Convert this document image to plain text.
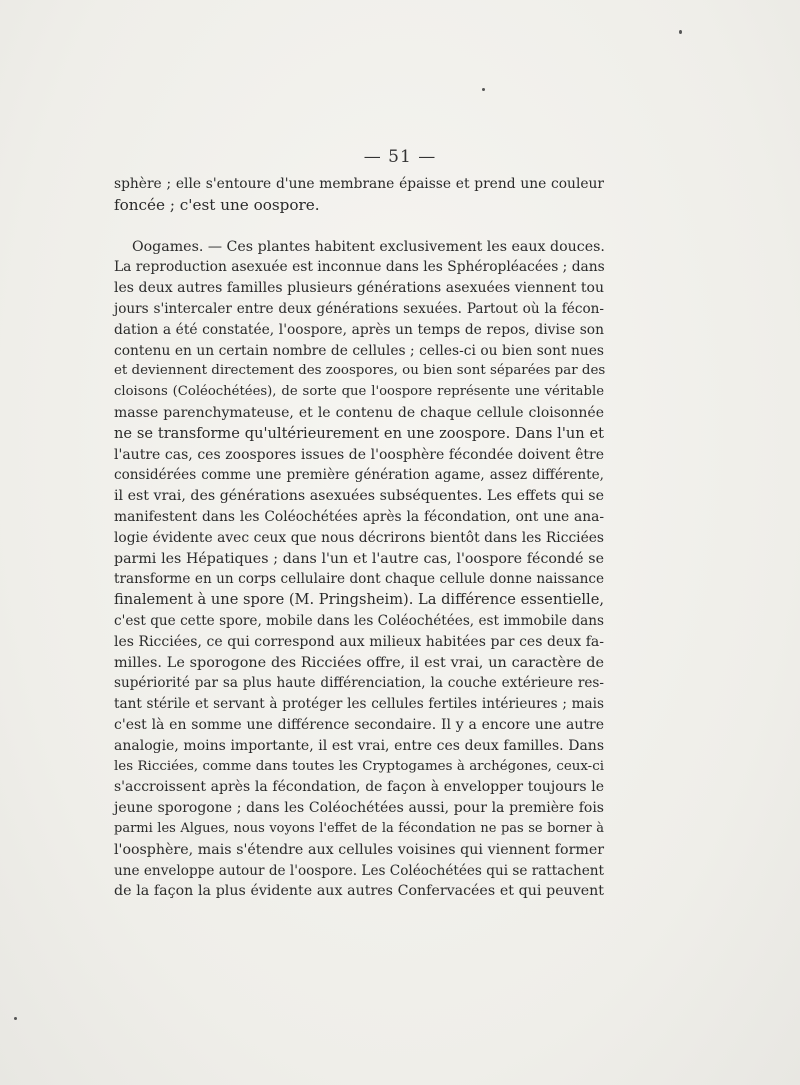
— 51 —
sphère ; elle s'entoure d'une membrane épaisse et prend une couleur
foncée ; c'est une oospore.
Oogames. — Ces plantes habitent exclusivement les eaux douces.
La reproduction asexuée est inconnue dans les Sphéropléacées ; dans
les deux autres familles plusieurs générations asexuées viennent tou
jours s'intercaler entre deux générations sexuées. Partout où la fécon-
dation a été constatée, l'oospore, après un temps de repos, divise son
contenu en un certain nombre de cellules ; celles-ci ou bien sont nues
et deviennent directement des zoospores, ou bien sont séparées par des
cloisons (Coléochétées), de sorte que l'oospore représente une véritable
masse parenchymateuse, et le contenu de chaque cellule cloisonnée
ne se transforme qu'ultérieurement en une zoospore. Dans l'un et
l'autre cas, ces zoospores issues de l'oosphère fécondée doivent être
considérées comme une première génération agame, assez différente,
il est vrai, des générations asexuées subséquentes. Les effets qui se
manifestent dans les Coléochétées après la fécondation, ont une ana-
logie évidente avec ceux que nous décrirons bientôt dans les Ricciées
parmi les Hépatiques ; dans l'un et l'autre cas, l'oospore fécondé se
transforme en un corps cellulaire dont chaque cellule donne naissance
finalement à une spore (M. Pringsheim). La différence essentielle,
c'est que cette spore, mobile dans les Coléochétées, est immobile dans
les Ricciées, ce qui correspond aux milieux habitées par ces deux fa-
milles. Le sporogone des Ricciées offre, il est vrai, un caractère de
supériorité par sa plus haute différenciation, la couche extérieure res-
tant stérile et servant à protéger les cellules fertiles intérieures ; mais
c'est là en somme une différence secondaire. Il y a encore une autre
analogie, moins importante, il est vrai, entre ces deux familles. Dans
les Ricciées, comme dans toutes les Cryptogames à archégones, ceux-ci
s'accroissent après la fécondation, de façon à envelopper toujours le
jeune sporogone ; dans les Coléochétées aussi, pour la première fois
parmi les Algues, nous voyons l'effet de la fécondation ne pas se borner à
l'oosphère, mais s'étendre aux cellules voisines qui viennent former
une enveloppe autour de l'oospore. Les Coléochétées qui se rattachent
de la façon la plus évidente aux autres Confervacées et qui peuvent
